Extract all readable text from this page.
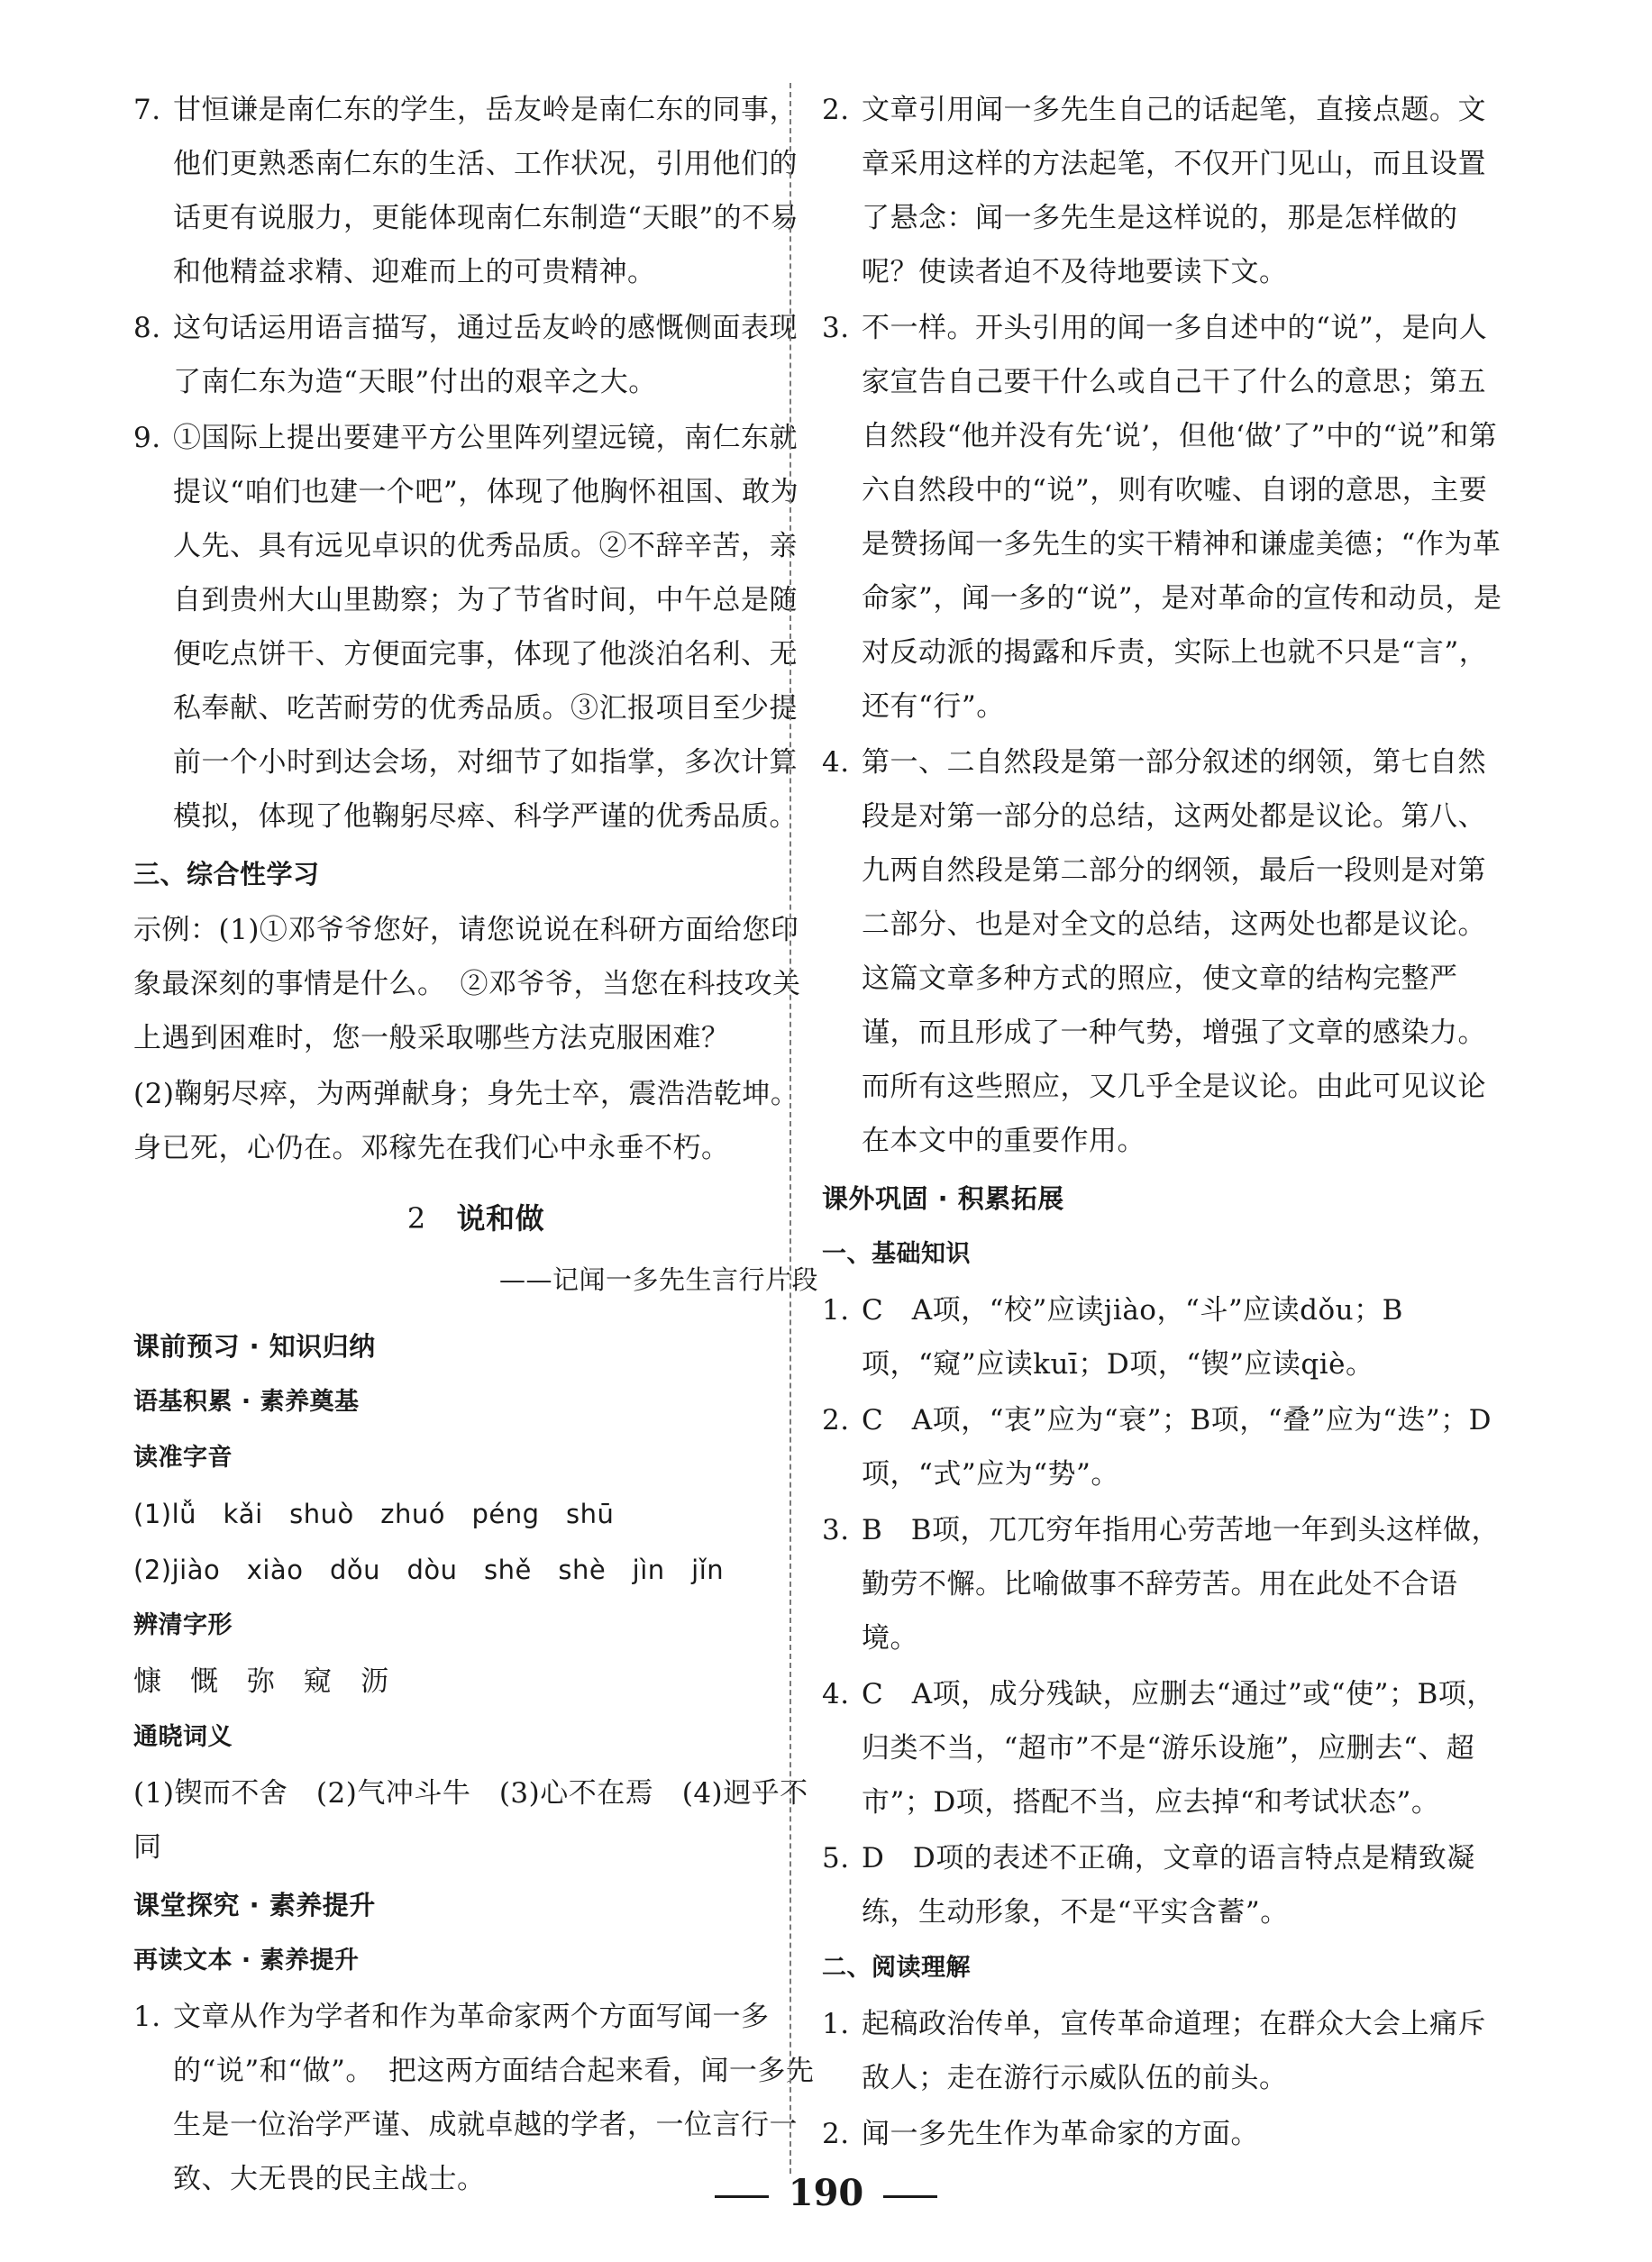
7. 甘恒谦是南仁东的学生，岳友岭是南仁东的同事，他们更熟悉南仁东的生活、工作状况，引用他们的话更有说服力，更能体现南仁东制造“天眼”的不易和他精益求精、迎难而上的可贵精神。
8. 这句话运用语言描写，通过岳友岭的感慨侧面表现了南仁东为造“天眼”付出的艰辛之大。
9. ①国际上提出要建平方公里阵列望远镜，南仁东就提议“咱们也建一个吧”，体现了他胸怀祖国、敢为人先、具有远见卓识的优秀品质。②不辞辛苦，亲自到贵州大山里勘察；为了节省时间，中午总是随便吃点饼干、方便面完事，体现了他淡泊名利、无私奉献、吃苦耐劳的优秀品质。③汇报项目至少提前一个小时到达会场，对细节了如指掌，多次计算模拟，体现了他鞠躬尽瘁、科学严谨的优秀品质。
三、综合性学习
示例：(1)①邓爷爷您好，请您说说在科研方面给您印象最深刻的事情是什么。　②邓爷爷，当您在科技攻关上遇到困难时，您一般采取哪些方法克服困难？
(2)鞠躬尽瘁，为两弹献身；身先士卒，震浩浩乾坤。身已死，心仍在。邓稼先在我们心中永垂不朽。
2 说和做
——记闻一多先生言行片段
课前预习 · 知识归纳
语基积累 · 素养奠基
读准字音
(1)lǚ　kǎi　shuò　zhuó　péng　shū
(2)jiào　xiào　dǒu　dòu　shě　shè　jìn　jǐn
辨清字形
慷　慨　弥　窥　沥
通晓词义
(1)锲而不舍　(2)气冲斗牛　(3)心不在焉　(4)迥乎不同
课堂探究 · 素养提升
再读文本 · 素养提升
1. 文章从作为学者和作为革命家两个方面写闻一多的“说”和“做”。　把这两方面结合起来看，闻一多先生是一位治学严谨、成就卓越的学者，一位言行一致、大无畏的民主战士。
2. 文章引用闻一多先生自己的话起笔，直接点题。文章采用这样的方法起笔，不仅开门见山，而且设置了悬念：闻一多先生是这样说的，那是怎样做的呢？使读者迫不及待地要读下文。
3. 不一样。开头引用的闻一多自述中的“说”，是向人家宣告自己要干什么或自己干了什么的意思；第五自然段“他并没有先‘说’，但他‘做’了”中的“说”和第六自然段中的“说”，则有吹嘘、自诩的意思，主要是赞扬闻一多先生的实干精神和谦虚美德；“作为革命家”，闻一多的“说”，是对革命的宣传和动员，是对反动派的揭露和斥责，实际上也就不只是“言”，还有“行”。
4. 第一、二自然段是第一部分叙述的纲领，第七自然段是对第一部分的总结，这两处都是议论。第八、九两自然段是第二部分的纲领，最后一段则是对第二部分、也是对全文的总结，这两处也都是议论。　这篇文章多种方式的照应，使文章的结构完整严谨，而且形成了一种气势，增强了文章的感染力。而所有这些照应，又几乎全是议论。由此可见议论在本文中的重要作用。
课外巩固 · 积累拓展
一、基础知识
1. C　A项，“校”应读jiào，“斗”应读dǒu；B项，“窥”应读kuī；D项，“锲”应读qiè。
2. C　A项，“衷”应为“衰”；B项，“叠”应为“迭”；D项，“式”应为“势”。
3. B　B项，兀兀穷年指用心劳苦地一年到头这样做，勤劳不懈。比喻做事不辞劳苦。用在此处不合语境。
4. C　A项，成分残缺，应删去“通过”或“使”；B项，归类不当，“超市”不是“游乐设施”，应删去“、超市”；D项，搭配不当，应去掉“和考试状态”。
5. D　D项的表述不正确，文章的语言特点是精致凝练，生动形象，不是“平实含蓄”。
二、阅读理解
1. 起稿政治传单，宣传革命道理；在群众大会上痛斥敌人；走在游行示威队伍的前头。
2. 闻一多先生作为革命家的方面。
190
